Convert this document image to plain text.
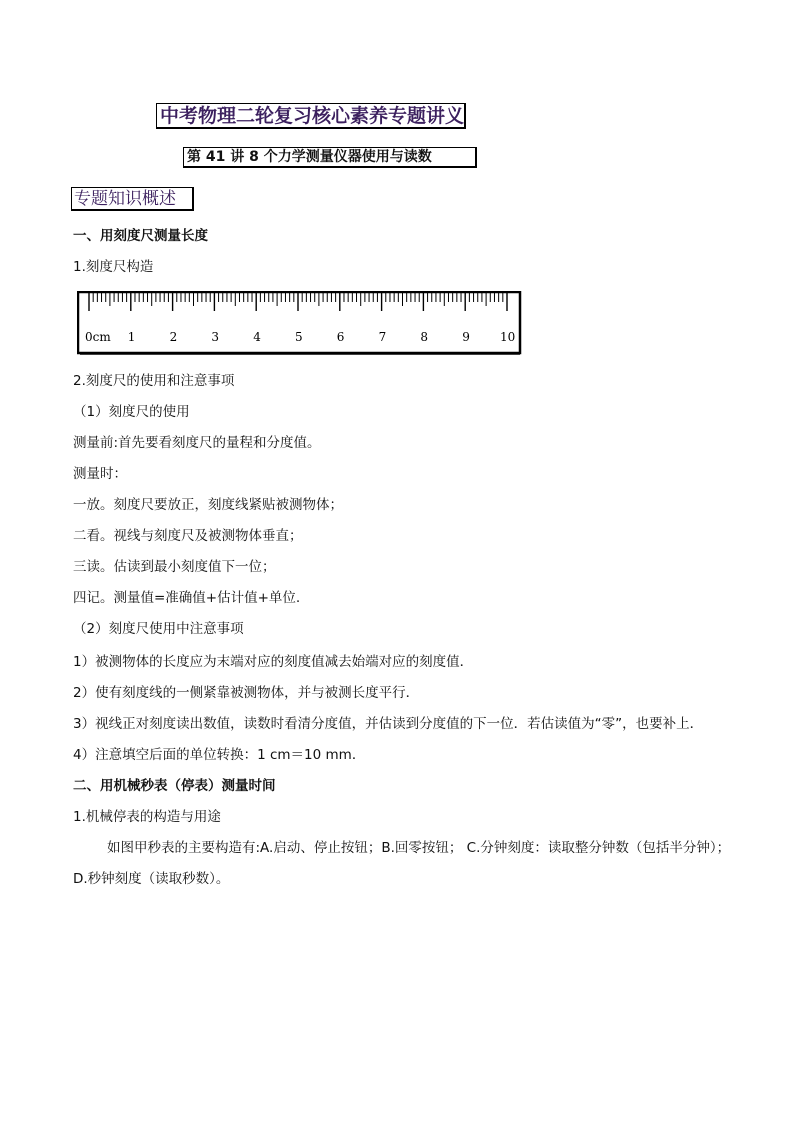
中考物理二轮复习核心素养专题讲义
第 41 讲 8 个力学测量仪器使用与读数
专题知识概述
一、用刻度尺测量长度
1.刻度尺构造
0cm 1	2	3	4	5	6	7	8	9	10
2.刻度尺的使用和注意事项
（1）刻度尺的使用
测量前:首先要看刻度尺的量程和分度值。
测量时：
一放。刻度尺要放正，刻度线紧贴被测物体；
二看。视线与刻度尺及被测物体垂直；
三读。估读到最小刻度值下一位；
四记。测量值=准确值+估计值+单位.
（2）刻度尺使用中注意事项
1）被测物体的长度应为末端对应的刻度值减去始端对应的刻度值．
2）使有刻度线的一侧紧靠被测物体，并与被测长度平行．
3）视线正对刻度读出数值，读数时看清分度值，并估读到分度值的下一位．若估读值为“零”，也要补上．
4）注意填空后面的单位转换：1 cm＝10 mm．
二、用机械秒表（停表）测量时间
1.机械停表的构造与用途
如图甲秒表的主要构造有:A.启动、停止按钮；B.回零按钮； C.分钟刻度：读取整分钟数（包括半分钟）；D.秒钟刻度（读取秒数）。
